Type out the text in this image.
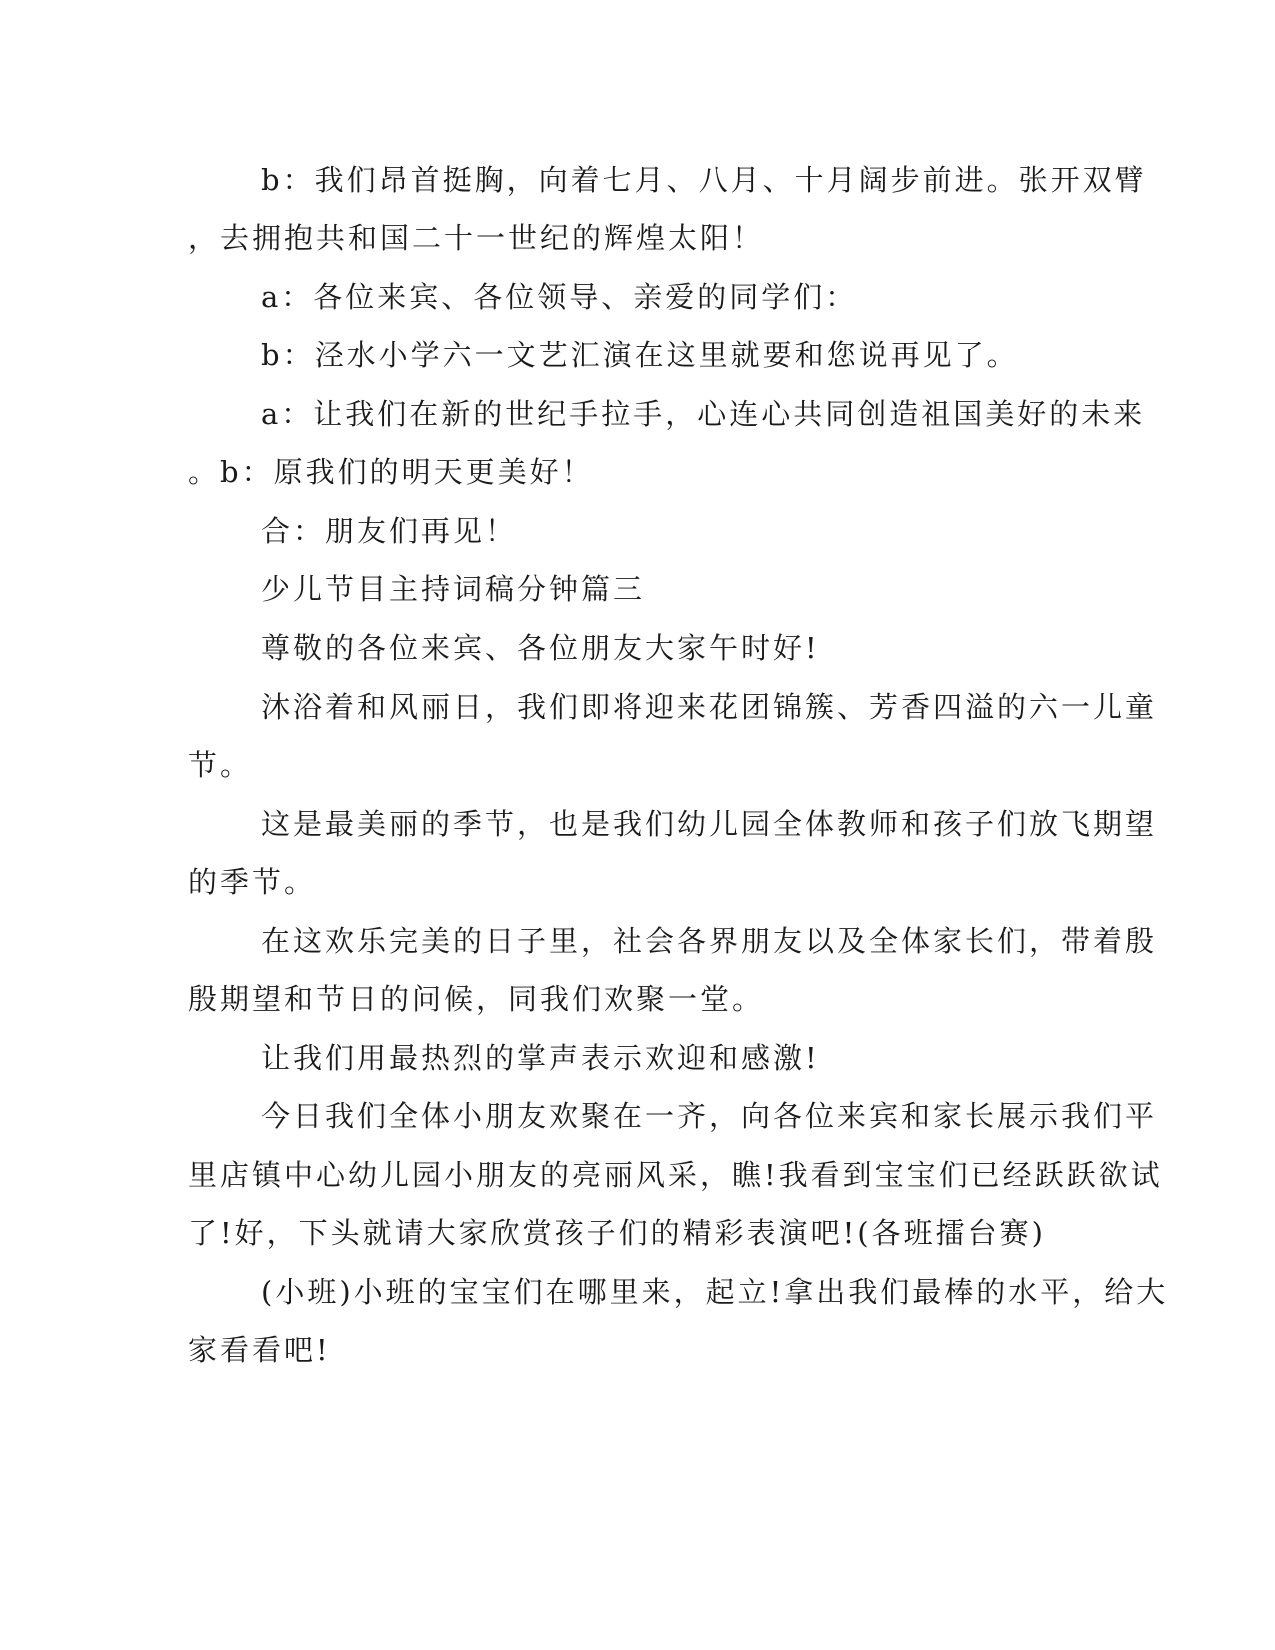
b：我们昂首挺胸，向着七月、八月、十月阔步前进。张开双臂
，去拥抱共和国二十一世纪的辉煌太阳！
a：各位来宾、各位领导、亲爱的同学们：
b：泾水小学六一文艺汇演在这里就要和您说再见了。
a：让我们在新的世纪手拉手，心连心共同创造祖国美好的未来
。b：原我们的明天更美好！
合：朋友们再见！
少儿节目主持词稿分钟篇三
尊敬的各位来宾、各位朋友大家午时好!
沐浴着和风丽日，我们即将迎来花团锦簇、芳香四溢的六一儿童
节。
这是最美丽的季节，也是我们幼儿园全体教师和孩子们放飞期望
的季节。
在这欢乐完美的日子里，社会各界朋友以及全体家长们，带着殷
殷期望和节日的问候，同我们欢聚一堂。
让我们用最热烈的掌声表示欢迎和感激!
今日我们全体小朋友欢聚在一齐，向各位来宾和家长展示我们平
里店镇中心幼儿园小朋友的亮丽风采，瞧!我看到宝宝们已经跃跃欲试
了!好，下头就请大家欣赏孩子们的精彩表演吧!(各班擂台赛)
(小班)小班的宝宝们在哪里来，起立!拿出我们最棒的水平，给大
家看看吧!
